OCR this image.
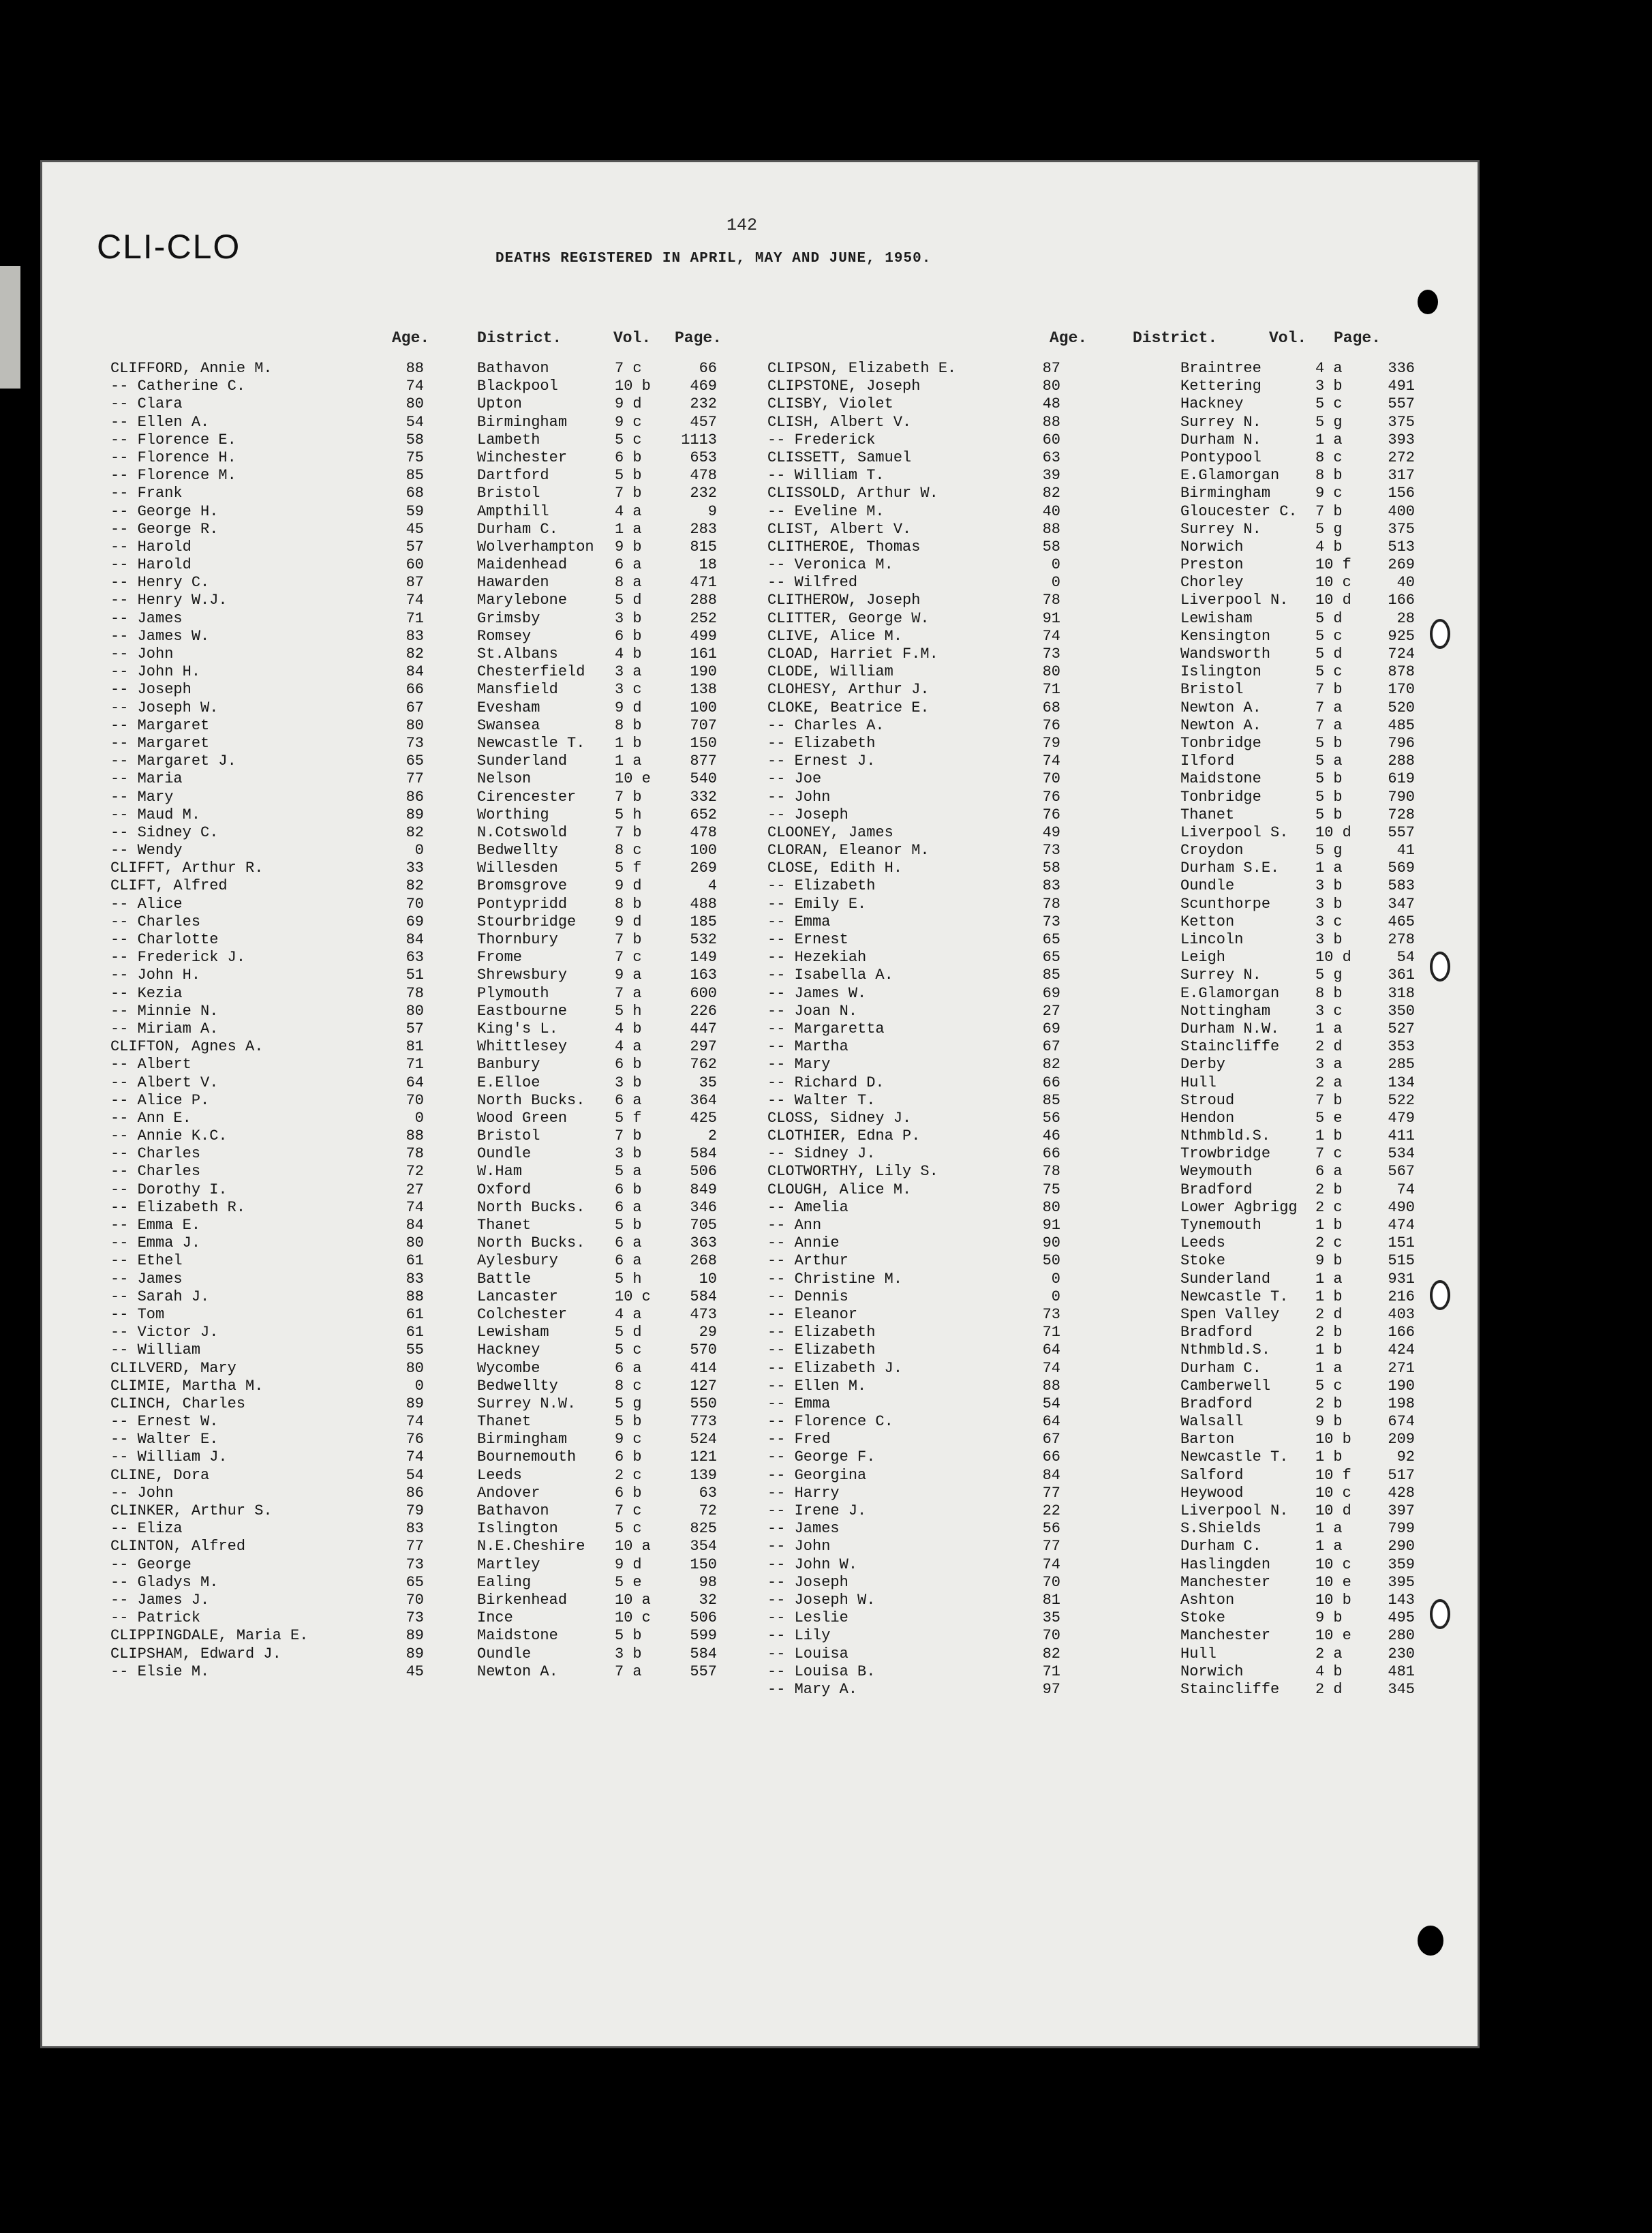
CLI-CLO
142
DEATHS REGISTERED IN APRIL, MAY AND JUNE, 1950.
Age.	District.	Vol. Page.	Age.	District.	Vol. Page.
CLIFFORD, Annie M.	88	Bathavon	7 c	66
-- Catherine C.	74	Blackpool	10 b	469
-- Clara	80	Upton	9 d	232
-- Ellen A.	54	Birmingham	9 c	457
-- Florence E.	58	Lambeth	5 c	1113
-- Florence H.	75	Winchester	6 b	653
-- Florence M.	85	Dartford	5 b	478
-- Frank	68	Bristol	7 b	232
-- George H.	59	Ampthill	4 a	9
-- George R.	45	Durham C.	1 a	283
-- Harold	57	Wolverhampton 9 b	815
-- Harold	60	Maidenhead	6 a	18
-- Henry C.	87	Hawarden	8 a	471
-- Henry W.J.	74	Marylebone	5 d	288
-- James	71	Grimsby	3 b	252
-- James W.	83	Romsey	6 b	499
-- John	82	St.Albans	4 b	161
-- John H.	84	Chesterfield 3 a	190
-- Joseph	66	Mansfield	3 c	138
-- Joseph W.	67	Evesham	9 d	100
-- Margaret	80	Swansea	8 b	707
-- Margaret	73	Newcastle T. 1 b	150
-- Margaret J.	65	Sunderland	1 a	877
-- Maria	77	Nelson	10 e	540
-- Mary	86	Cirencester	7 b	332
-- Maud M.	89	Worthing	5 h	652
-- Sidney C.	82	N.Cotswold	7 b	478
-- Wendy	0	Bedwellty	8 c	100
CLIFFT, Arthur R.	33	Willesden	5 f	269
CLIFT, Alfred	82	Bromsgrove	9 d	4
-- Alice	70	Pontypridd	8 b	488
-- Charles	69	Stourbridge	9 d	185
-- Charlotte	84	Thornbury	7 b	532
-- Frederick J.	63	Frome	7 c	149
-- John H.	51	Shrewsbury	9 a	163
-- Kezia	78	Plymouth	7 a	600
-- Minnie N.	80	Eastbourne	5 h	226
-- Miriam A.	57	King's L.	4 b	447
CLIFTON, Agnes A.	81	Whittlesey	4 a	297
-- Albert	71	Banbury	6 b	762
-- Albert V.	64	E.Elloe	3 b	35
-- Alice P.	70	North Bucks. 6 a	364
-- Ann E.	0	Wood Green	5 f	425
-- Annie K.C.	88	Bristol	7 b	2
-- Charles	78	Oundle	3 b	584
-- Charles	72	W.Ham	5 a	506
-- Dorothy I.	27	Oxford	6 b	849
-- Elizabeth R.	74	North Bucks. 6 a	346
-- Emma E.	84	Thanet	5 b	705
-- Emma J.	80	North Bucks. 6 a	363
-- Ethel	61	Aylesbury	6 a	268
-- James	83	Battle	5 h	10
-- Sarah J.	88	Lancaster	10 c	584
-- Tom	61	Colchester	4 a	473
-- Victor J.	61	Lewisham	5 d	29
-- William	55	Hackney	5 c	570
CLILVERD, Mary	80	Wycombe	6 a	414
CLIMIE, Martha M.	0	Bedwellty	8 c	127
CLINCH, Charles	89	Surrey N.W.	5 g	550
-- Ernest W.	74	Thanet	5 b	773
-- Walter E.	76	Birmingham	9 c	524
-- William J.	74	Bournemouth	6 b	121
CLINE, Dora	54	Leeds	2 c	139
-- John	86	Andover	6 b	63
CLINKER, Arthur S.	79	Bathavon	7 c	72
-- Eliza	83	Islington	5 c	825
CLINTON, Alfred	77	N.E.Cheshire 10 a	354
-- George	73	Martley	9 d	150
-- Gladys M.	65	Ealing	5 e	98
-- James J.	70	Birkenhead	10 a	32
-- Patrick	73	Ince	10 c	506
CLIPPINGDALE, Maria E.	89	Maidstone	5 b	599
CLIPSHAM, Edward J.	89	Oundle	3 b	584
-- Elsie M.	45	Newton A.	7 a	557
CLIPSON, Elizabeth E.	87	Braintree	4 a	336
CLIPSTONE, Joseph	80	Kettering	3 b	491
CLISBY, Violet	48	Hackney	5 c	557
CLISH, Albert V.	88	Surrey N.	5 g	375
-- Frederick	60	Durham N.	1 a	393
CLISSETT, Samuel	63	Pontypool	8 c	272
-- William T.	39	E.Glamorgan 8 b	317
CLISSOLD, Arthur W.	82	Birmingham	9 c	156
-- Eveline M.	40	Gloucester C. 7 b	400
CLIST, Albert V.	88	Surrey N.	5 g	375
CLITHEROE, Thomas	58	Norwich	4 b	513
-- Veronica M.	0	Preston	10 f	269
-- Wilfred	0	Chorley	10 c	40
CLITHEROW, Joseph	78	Liverpool N. 10 d	166
CLITTER, George W.	91	Lewisham	5 d	28
CLIVE, Alice M.	74	Kensington	5 c	925
CLOAD, Harriet F.M.	73	Wandsworth	5 d	724
CLODE, William	80	Islington	5 c	878
CLOHESY, Arthur J.	71	Bristol	7 b	170
CLOKE, Beatrice E.	68	Newton A.	7 a	520
-- Charles A.	76	Newton A.	7 a	485
-- Elizabeth	79	Tonbridge	5 b	796
-- Ernest J.	74	Ilford	5 a	288
-- Joe	70	Maidstone	5 b	619
-- John	76	Tonbridge	5 b	790
-- Joseph	76	Thanet	5 b	728
CLOONEY, James	49	Liverpool S. 10 d	557
CLORAN, Eleanor M.	73	Croydon	5 g	41
CLOSE, Edith H.	58	Durham S.E. 1 a	569
-- Elizabeth	83	Oundle	3 b	583
-- Emily E.	78	Scunthorpe	3 b	347
-- Emma	73	Ketton	3 c	465
-- Ernest	65	Lincoln	3 b	278
-- Hezekiah	65	Leigh	10 d	54
-- Isabella A.	85	Surrey N.	5 g	361
-- James W.	69	E.Glamorgan 8 b	318
-- Joan N.	27	Nottingham	3 c	350
-- Margaretta	69	Durham N.W. 1 a	527
-- Martha	67	Staincliffe 2 d	353
-- Mary	82	Derby	3 a	285
-- Richard D.	66	Hull	2 a	134
-- Walter T.	85	Stroud	7 b	522
CLOSS, Sidney J.	56	Hendon	5 e	479
CLOTHIER, Edna P.	46	Nthmbld.S.	1 b	411
-- Sidney J.	66	Trowbridge	7 c	534
CLOTWORTHY, Lily S.	78	Weymouth	6 a	567
CLOUGH, Alice M.	75	Bradford	2 b	74
-- Amelia	80	Lower Agbrigg 2 c	490
-- Ann	91	Tynemouth	1 b	474
-- Annie	90	Leeds	2 c	151
-- Arthur	50	Stoke	9 b	515
-- Christine M.	0	Sunderland	1 a	931
-- Dennis	0	Newcastle T. 1 b	216
-- Eleanor	73	Spen Valley 2 d	403
-- Elizabeth	71	Bradford	2 b	166
-- Elizabeth	64	Nthmbld.S.	1 b	424
-- Elizabeth J.	74	Durham C.	1 a	271
-- Ellen M.	88	Camberwell	5 c	190
-- Emma	54	Bradford	2 b	198
-- Florence C.	64	Walsall	9 b	674
-- Fred	67	Barton	10 b	209
-- George F.	66	Newcastle T. 1 b	92
-- Georgina	84	Salford	10 f	517
-- Harry	77	Heywood	10 c	428
-- Irene J.	22	Liverpool N. 10 d	397
-- James	56	S.Shields	1 a	799
-- John	77	Durham C.	1 a	290
-- John W.	74	Haslingden	10 c	359
-- Joseph	70	Manchester	10 e	395
-- Joseph W.	81	Ashton	10 b	143
-- Leslie	35	Stoke	9 b	495
-- Lily	70	Manchester	10 e	280
-- Louisa	82	Hull	2 a	230
-- Louisa B.	71	Norwich	4 b	481
-- Mary A.	97	Staincliffe 2 d	345
